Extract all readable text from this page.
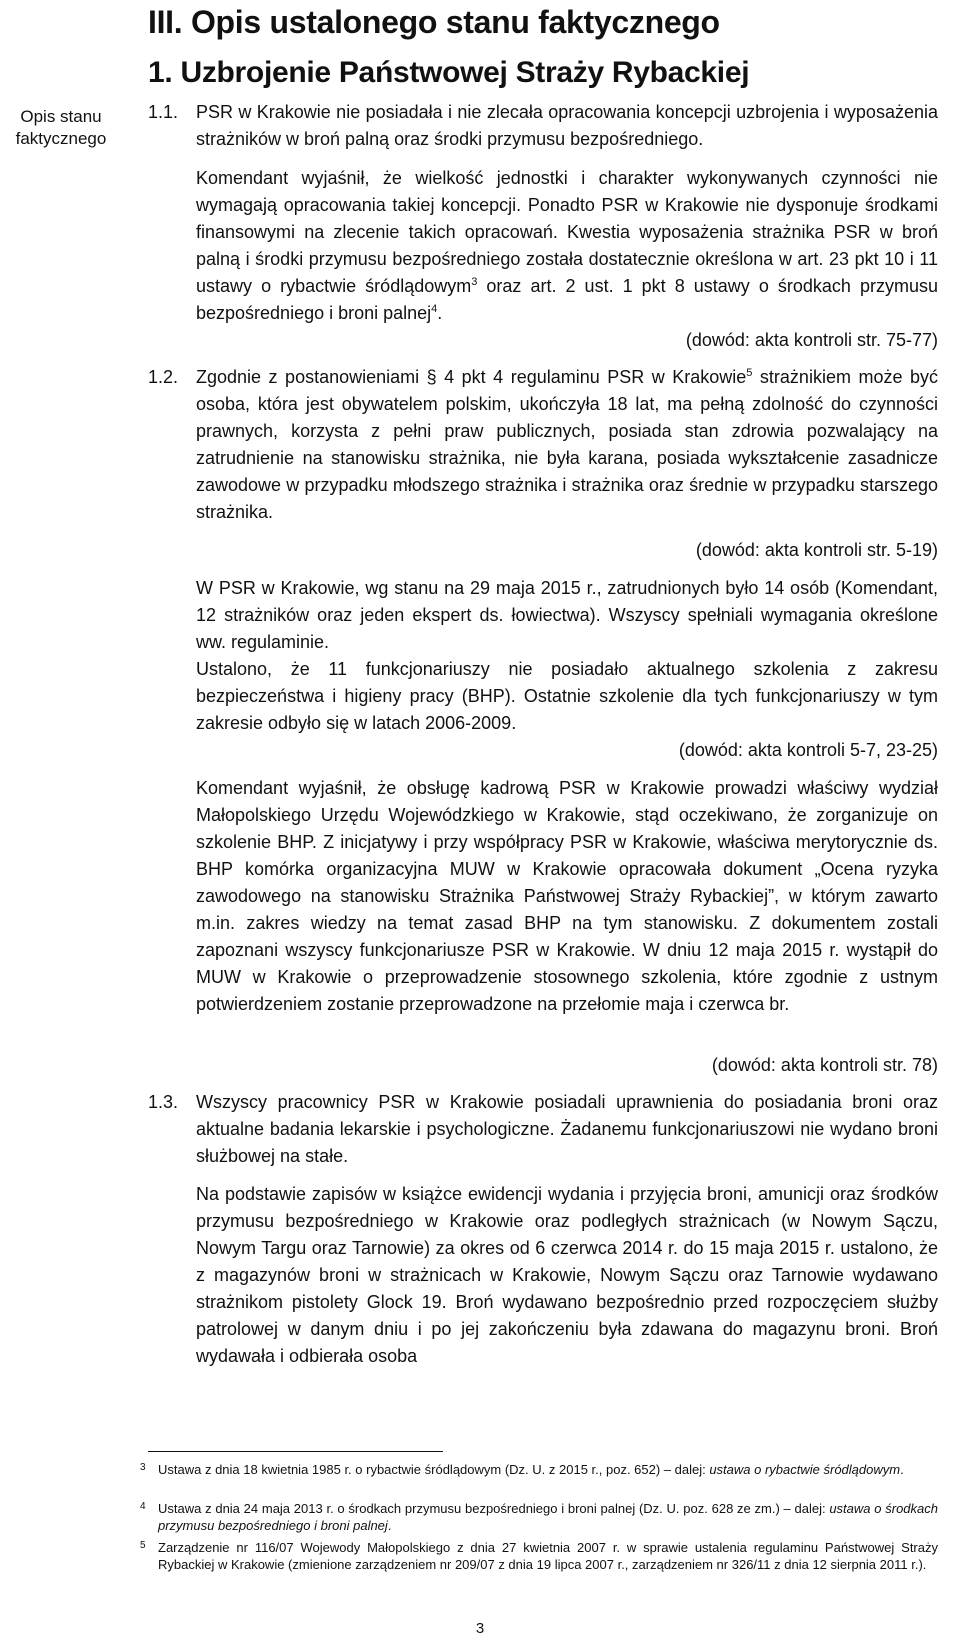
III. Opis ustalonego stanu faktycznego
1. Uzbrojenie Państwowej Straży Rybackiej
Opis stanu faktycznego
1.1. PSR w Krakowie nie posiadała i nie zlecała opracowania koncepcji uzbrojenia i wyposażenia strażników w broń palną oraz środki przymusu bezpośredniego.
Komendant wyjaśnił, że wielkość jednostki i charakter wykonywanych czynności nie wymagają opracowania takiej koncepcji. Ponadto PSR w Krakowie nie dysponuje środkami finansowymi na zlecenie takich opracowań. Kwestia wyposażenia strażnika PSR w broń palną i środki przymusu bezpośredniego została dostatecznie określona w art. 23 pkt 10 i 11 ustawy o rybactwie śródlądowym$^3$ oraz art. 2 ust. 1 pkt 8 ustawy o środkach przymusu bezpośredniego i broni palnej$^4$.
(dowód: akta kontroli str. 75-77)
1.2. Zgodnie z postanowieniami § 4 pkt 4 regulaminu PSR w Krakowie$^5$ strażnikiem może być osoba, która jest obywatelem polskim, ukończyła 18 lat, ma pełną zdolność do czynności prawnych, korzysta z pełni praw publicznych, posiada stan zdrowia pozwalający na zatrudnienie na stanowisku strażnika, nie była karana, posiada wykształcenie zasadnicze zawodowe w przypadku młodszego strażnika i strażnika oraz średnie w przypadku starszego strażnika.
(dowód: akta kontroli str. 5-19)
W PSR w Krakowie, wg stanu na 29 maja 2015 r., zatrudnionych było 14 osób (Komendant, 12 strażników oraz jeden ekspert ds. łowiectwa). Wszyscy spełniali wymagania określone ww. regulaminie.
Ustalono, że 11 funkcjonariuszy nie posiadało aktualnego szkolenia z zakresu bezpieczeństwa i higieny pracy (BHP). Ostatnie szkolenie dla tych funkcjonariuszy w tym zakresie odbyło się w latach 2006-2009.
(dowód: akta kontroli 5-7, 23-25)
Komendant wyjaśnił, że obsługę kadrową PSR w Krakowie prowadzi właściwy wydział Małopolskiego Urzędu Wojewódzkiego w Krakowie, stąd oczekiwano, że zorganizuje on szkolenie BHP. Z inicjatywy i przy współpracy PSR w Krakowie, właściwa merytorycznie ds. BHP komórka organizacyjna MUW w Krakowie opracowała dokument „Ocena ryzyka zawodowego na stanowisku Strażnika Państwowej Straży Rybackiej”, w którym zawarto m.in. zakres wiedzy na temat zasad BHP na tym stanowisku. Z dokumentem zostali zapoznani wszyscy funkcjonariusze PSR w Krakowie. W dniu 12 maja 2015 r. wystąpił do MUW w Krakowie o przeprowadzenie stosownego szkolenia, które zgodnie z ustnym potwierdzeniem zostanie przeprowadzone na przełomie maja i czerwca br.
(dowód: akta kontroli str. 78)
1.3. Wszyscy pracownicy PSR w Krakowie posiadali uprawnienia do posiadania broni oraz aktualne badania lekarskie i psychologiczne. Żadanemu funkcjonariuszowi nie wydano broni służbowej na stałe.
Na podstawie zapisów w książce ewidencji wydania i przyjęcia broni, amunicji oraz środków przymusu bezpośredniego w Krakowie oraz podległych strażnicach (w Nowym Sączu, Nowym Targu oraz Tarnowie) za okres od 6 czerwca 2014 r. do 15 maja 2015 r. ustalono, że z magazynów broni w strażnicach w Krakowie, Nowym Sączu oraz Tarnowie wydawano strażnikom pistolety Glock 19. Broń wydawano bezpośrednio przed rozpoczęciem służby patrolowej w danym dniu i po jej zakończeniu była zdawana do magazynu broni. Broń wydawała i odbierała osoba
3 Ustawa z dnia 18 kwietnia 1985 r. o rybactwie śródlądowym (Dz. U. z 2015 r., poz. 652) – dalej: ustawa o rybactwie śródlądowym.
4 Ustawa z dnia 24 maja 2013 r. o środkach przymusu bezpośredniego i broni palnej (Dz. U. poz. 628 ze zm.) – dalej: ustawa o środkach przymusu bezpośredniego i broni palnej.
5 Zarządzenie nr 116/07 Wojewody Małopolskiego z dnia 27 kwietnia 2007 r. w sprawie ustalenia regulaminu Państwowej Straży Rybackiej w Krakowie (zmienione zarządzeniem nr 209/07 z dnia 19 lipca 2007 r., zarządzeniem nr 326/11 z dnia 12 sierpnia 2011 r.).
3
